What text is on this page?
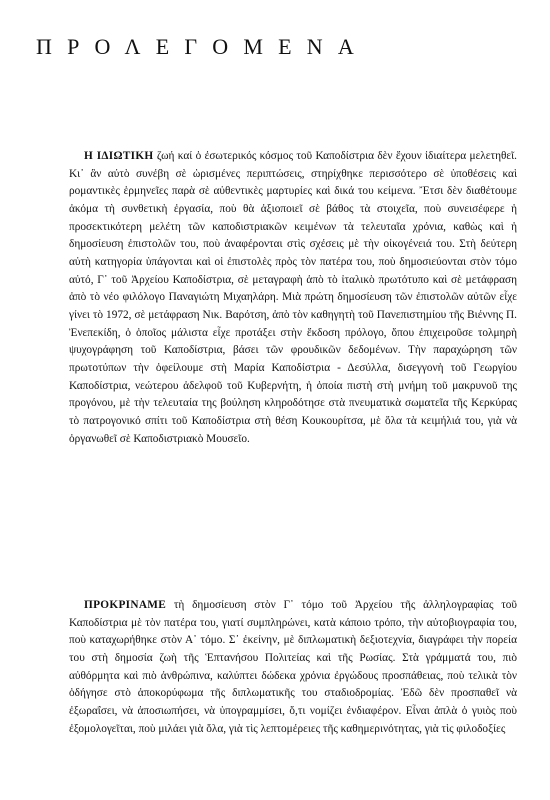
ΠΡΟΛΕΓΟΜΕΝΑ

Η ΙΔΙΩΤΙΚΗ ζωή καί ὁ ἐσωτερικός κόσμος τοῦ Καποδίστρια δὲν ἔχουν ἰδιαίτερα μελετηθεῖ. Κι᾽ ἂν αὐτὸ συνέβη σὲ ὡρισμένες περιπτώσεις, στηρίχθηκε περισσότερο σὲ ὑποθέσεις καὶ ρομαντικὲς ἑρμηνεῖες παρὰ σὲ αὐθεντικὲς μαρτυρίες καὶ δικά του κείμενα. Ἔτσι δὲν διαθέτουμε ἀκόμα τὴ συνθετικὴ ἐργασία, ποὺ θὰ ἀξιοποιεῖ σὲ βάθος τὰ στοιχεῖα, ποὺ συνεισέφερε ἡ προσεκτικότερη μελέτη τῶν καποδιστριακῶν κειμένων τὰ τελευταῖα χρόνια, καθὼς καὶ ἡ δημοσίευση ἐπιστολῶν του, ποὺ ἀναφέρονται στὶς σχέσεις μὲ τὴν οἰκογένειά του. Στὴ δεύτερη αὐτὴ κατηγορία ὑπάγονται καὶ οἱ ἐπιστολὲς πρὸς τὸν πατέρα του, ποὺ δημοσιεύονται στὸν τόμο αὐτό, Γ᾽ τοῦ Ἀρχείου Καποδίστρια, σὲ μεταγραφὴ ἀπὸ τὸ ἰταλικὸ πρωτότυπο καὶ σὲ μετάφραση ἀπὸ τὸ νέο φιλόλογο Παναγιώτη Μιχαηλάρη. Μιὰ πρώτη δημοσίευση τῶν ἐπιστολῶν αὐτῶν εἶχε γίνει τὸ 1972, σὲ μετάφραση Νικ. Βαρότση, ἀπὸ τὸν καθηγητὴ τοῦ Πανεπιστημίου τῆς Βιέννης Π. Ἐνεπεκίδη, ὁ ὁποῖος μάλιστα εἶχε προτάξει στὴν ἔκδοση πρόλογο, ὅπου ἐπιχειροῦσε τολμηρὴ ψυχογράφηση τοῦ Καποδίστρια, βάσει τῶν φρουδικῶν δεδομένων. Τὴν παραχώρηση τῶν πρωτοτύπων τὴν ὀφείλουμε στὴ Μαρία Καποδίστρια - Δεσύλλα, δισεγγονὴ τοῦ Γεωργίου Καποδίστρια, νεώτερου ἀδελφοῦ τοῦ Κυβερνήτη, ἡ ὁποία πιστὴ στὴ μνήμη τοῦ μακρυνοῦ της προγόνου, μὲ τὴν τελευταία της βούληση κληροδότησε στὰ πνευματικὰ σωματεῖα τῆς Κερκύρας τὸ πατρογονικό σπίτι τοῦ Καποδίστρια στὴ θέση Κουκουρίτσα, μὲ ὅλα τὰ κειμήλιά του, γιὰ νὰ ὀργανωθεῖ σὲ Καποδιστριακὸ Μουσεῖο.

ΠΡΟΚΡΙΝΑΜΕ τὴ δημοσίευση στὸν Γ᾽ τόμο τοῦ Ἀρχείου τῆς ἀλληλογραφίας τοῦ Καποδίστρια μὲ τὸν πατέρα του, γιατί συμπληρώνει, κατὰ κάποιο τρόπο, τὴν αὐτοβιογραφία του, ποὺ καταχωρήθηκε στὸν Α᾽ τόμο. Σ᾽ ἐκείνην, μὲ διπλωματικὴ δεξιοτεχνία, διαγράφει τὴν πορεία του στὴ δημοσία ζωὴ τῆς Ἑπτανήσου Πολιτείας καὶ τῆς Ρωσίας. Στὰ γράμματά του, πιὸ αὐθόρμητα καὶ πιὸ ἀνθρώπινα, καλύπτει δώδεκα χρόνια ἐργώδους προσπάθειας, ποὺ τελικὰ τὸν ὁδήγησε στὸ ἀποκορύφωμα τῆς διπλωματικῆς του σταδιοδρομίας. Ἐδῶ δὲν προσπαθεῖ νὰ ἐξωραΐσει, νὰ ἀποσιωπήσει, νὰ ὑπογραμμίσει, ὅ,τι νομίζει ἐνδιαφέρον. Εἶναι ἁπλὰ ὁ γυιὸς ποὺ ἐξομολογεῖται, ποὺ μιλάει γιὰ ὅλα, γιὰ τὶς λεπτομέρειες τῆς καθημερινότητας, γιὰ τὶς φιλοδοξίες
